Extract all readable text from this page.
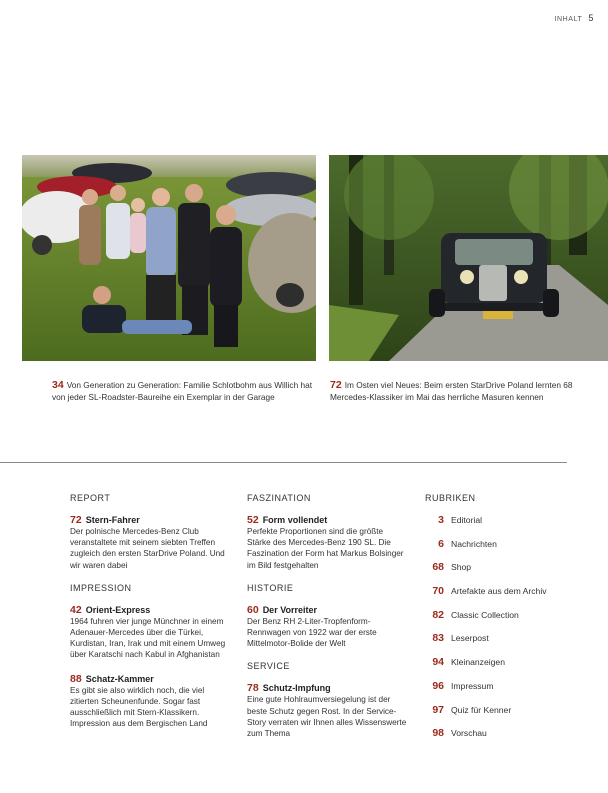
INHALT 5
34 Von Generation zu Generation: Familie Schlotbohm aus Willich hat von jeder SL-Roadster-Baureihe ein Exemplar in der Garage
72 Im Osten viel Neues: Beim ersten StarDrive Poland lernten 68 Mercedes-Klassiker im Mai das herrliche Masuren kennen
REPORT
72 Stern-Fahrer
Der polnische Mercedes-Benz Club veranstaltete mit seinem siebten Treffen zugleich den ersten StarDrive Poland. Und wir waren dabei
IMPRESSION
42 Orient-Express
1964 fuhren vier junge Münchner in einem Adenauer-Mercedes über die Türkei, Kurdistan, Iran, Irak und mit einem Umweg über Karatschi nach Kabul in Afghanistan
88 Schatz-Kammer
Es gibt sie also wirklich noch, die viel zitierten Scheunenfunde. Sogar fast ausschließlich mit Stern-Klassikern. Impression aus dem Bergischen Land
FASZINATION
52 Form vollendet
Perfekte Proportionen sind die größte Stärke des Mercedes-Benz 190 SL. Die Faszination der Form hat Markus Bolsinger im Bild festgehalten
HISTORIE
60 Der Vorreiter
Der Benz RH 2-Liter-Tropfenform-Rennwagen von 1922 war der erste Mittelmotor-Bolide der Welt
SERVICE
78 Schutz-Impfung
Eine gute Hohlraumversiegelung ist der beste Schutz gegen Rost. In der Service-Story verraten wir Ihnen alles Wissenswerte zum Thema
RUBRIKEN
3 Editorial
6 Nachrichten
68 Shop
70 Artefakte aus dem Archiv
82 Classic Collection
83 Leserpost
94 Kleinanzeigen
96 Impressum
97 Quiz für Kenner
98 Vorschau
